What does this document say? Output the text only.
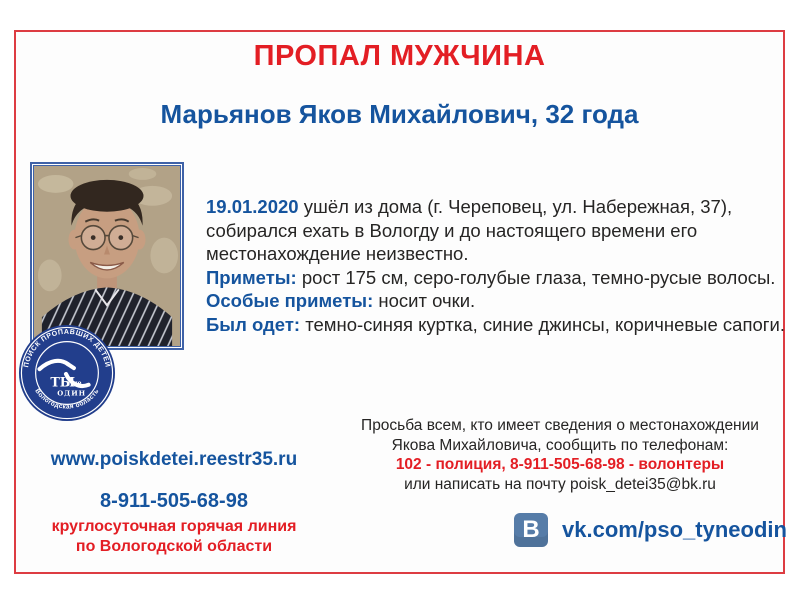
ПРОПАЛ МУЖЧИНА
Марьянов Яков Михайлович, 32 года
ПОИСК ПРОПАВШИХ ДЕТЕЙ
Вологодская область
ТЫ
не
ОДИН
19.01.2020 ушёл из дома (г. Череповец, ул. Набережная, 37),
собирался ехать в Вологду и до настоящего времени его
местонахождение неизвестно.
Приметы: рост 175 см, серо-голубые глаза, темно-русые волосы.
Особые приметы: носит очки.
Был одет: темно-синяя куртка, синие джинсы, коричневые сапоги.
www.poiskdetei.reestr35.ru
8-911-505-68-98
круглосуточная горячая линия
по Вологодской области
Просьба всем, кто имеет сведения о местонахождении
Якова Михайловича, сообщить по телефонам:
102 - полиция, 8-911-505-68-98 - волонтеры
или написать на почту poisk_detei35@bk.ru
В	vk.com/pso_tyneodin
